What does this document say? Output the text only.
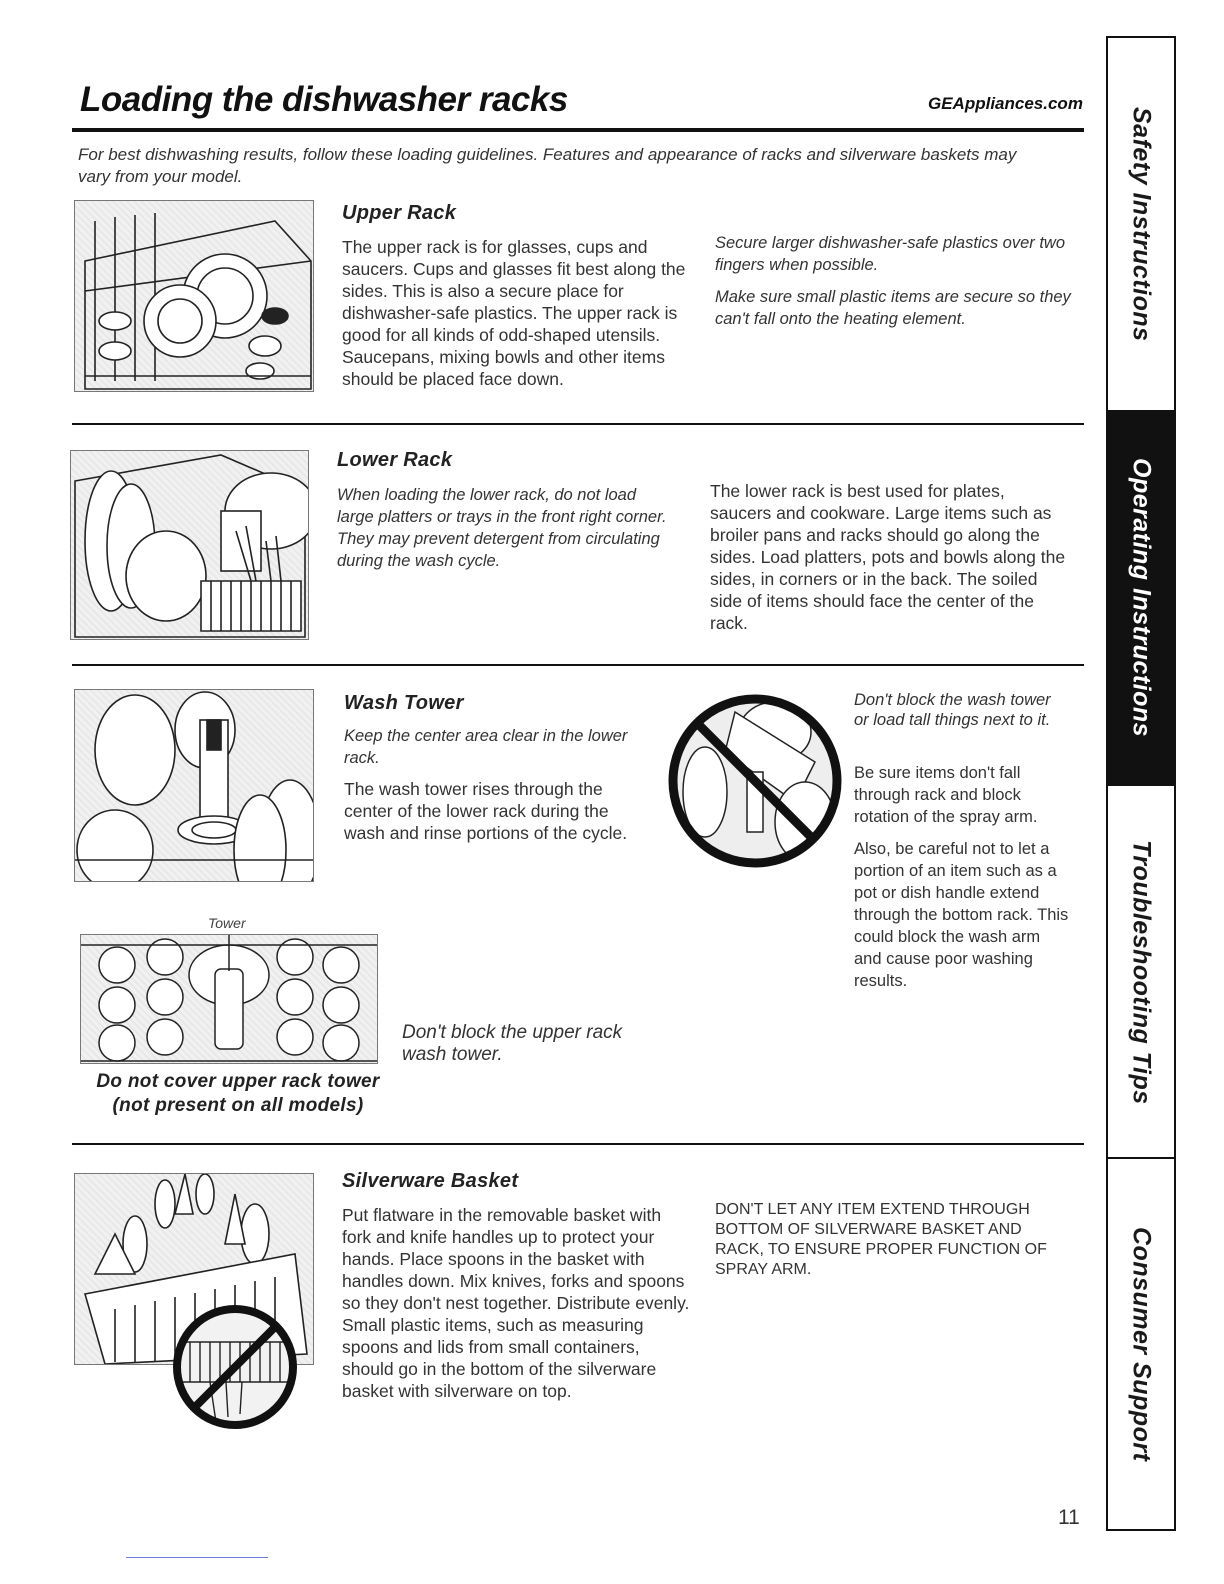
Loading the dishwasher racks	GEAppliances.com
For best dishwashing results, follow these loading guidelines. Features and appearance of racks and silverware baskets may vary from your model.
Upper Rack
The upper rack is for glasses, cups and saucers. Cups and glasses fit best along the sides. This is also a secure place for dishwasher-safe plastics. The upper rack is good for all kinds of odd-shaped utensils. Saucepans, mixing bowls and other items should be placed face down.
Secure larger dishwasher-safe plastics over two fingers when possible.
Make sure small plastic items are secure so they can't fall onto the heating element.
Lower Rack
When loading the lower rack, do not load large platters or trays in the front right corner. They may prevent detergent from circulating during the wash cycle.
The lower rack is best used for plates, saucers and cookware. Large items such as broiler pans and racks should go along the sides. Load platters, pots and bowls along the sides, in corners or in the back. The soiled side of items should face the center of the rack.
Wash Tower
Keep the center area clear in the lower rack.
The wash tower rises through the center of the lower rack during the wash and rinse portions of the cycle.
Don't block the wash tower or load tall things next to it.
Be sure items don't fall through rack and block rotation of the spray arm.
Also, be careful not to let a portion of an item such as a pot or dish handle extend through the bottom rack. This could block the wash arm and cause poor washing results.
Tower
Don't block the upper rack wash tower.
Do not cover upper rack tower
(not present on all models)
Silverware Basket
Put flatware in the removable basket with fork and knife handles up to protect your hands. Place spoons in the basket with handles down. Mix knives, forks and spoons so they don't nest together. Distribute evenly. Small plastic items, such as measuring spoons and lids from small containers, should go in the bottom of the silverware basket with silverware on top.
DON'T LET ANY ITEM EXTEND THROUGH BOTTOM OF SILVERWARE BASKET AND RACK, TO ENSURE PROPER FUNCTION OF SPRAY ARM.
11
Safety Instructions
Operating Instructions
Troubleshooting Tips
Consumer Support
